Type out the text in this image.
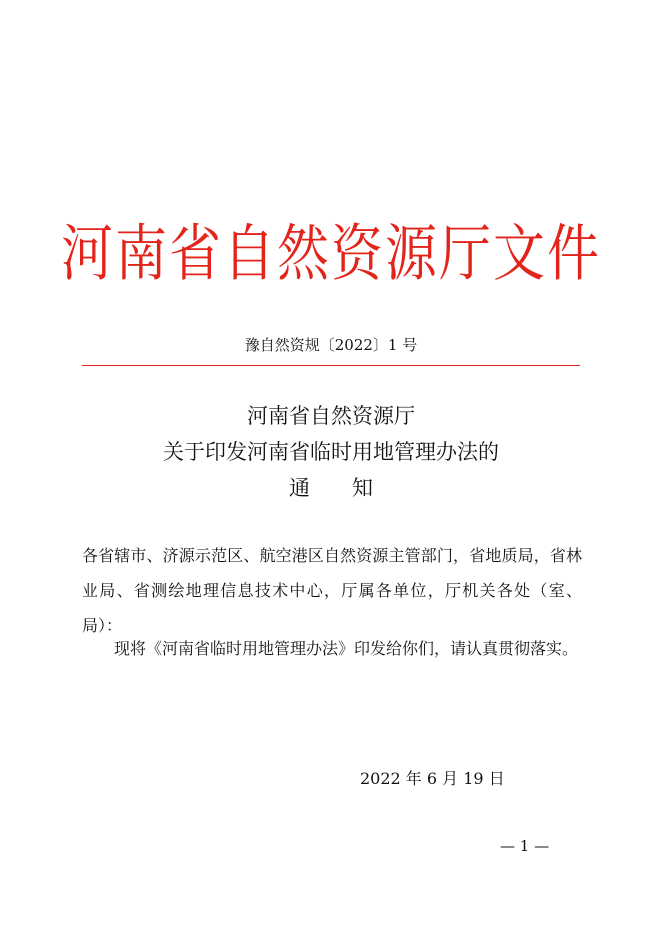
河南省自然资源厅文件
豫自然资规〔2022〕1 号
河南省自然资源厅
关于印发河南省临时用地管理办法的
通知
各省辖市、济源示范区、航空港区自然资源主管部门，省地质局，省林业局、省测绘地理信息技术中心，厅属各单位，厅机关各处（室、局）：
现将《河南省临时用地管理办法》印发给你们，请认真贯彻落实。
2022 年 6 月 19 日
— 1 —
